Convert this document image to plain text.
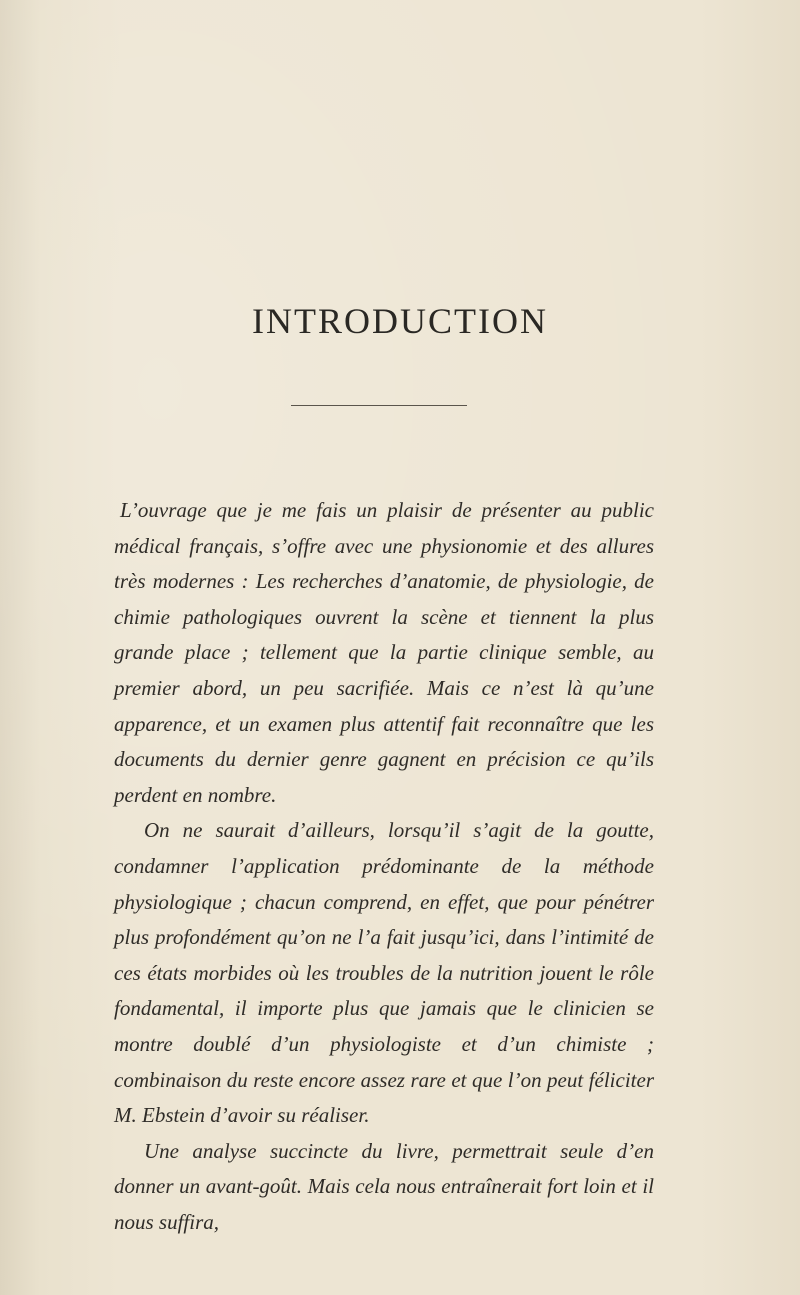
INTRODUCTION

L’ouvrage que je me fais un plaisir de présenter au public médical français, s’offre avec une physionomie et des allures très modernes : Les recherches d’anatomie, de physiologie, de chimie pathologiques ouvrent la scène et tiennent la plus grande place ; tellement que la partie clinique semble, au premier abord, un peu sacrifiée. Mais ce n’est là qu’une apparence, et un examen plus attentif fait reconnaître que les documents du dernier genre gagnent en précision ce qu’ils perdent en nombre.

On ne saurait d’ailleurs, lorsqu’il s’agit de la goutte, condamner l’application prédominante de la méthode physiologique ; chacun comprend, en effet, que pour pénétrer plus profondément qu’on ne l’a fait jusqu’ici, dans l’intimité de ces états morbides où les troubles de la nutrition jouent le rôle fondamental, il importe plus que jamais que le clinicien se montre doublé d’un physiologiste et d’un chimiste ; combinaison du reste encore assez rare et que l’on peut féliciter M. Ebstein d’avoir su réaliser.

Une analyse succincte du livre, permettrait seule d’en donner un avant-goût. Mais cela nous entraînerait fort loin et il nous suffira,
